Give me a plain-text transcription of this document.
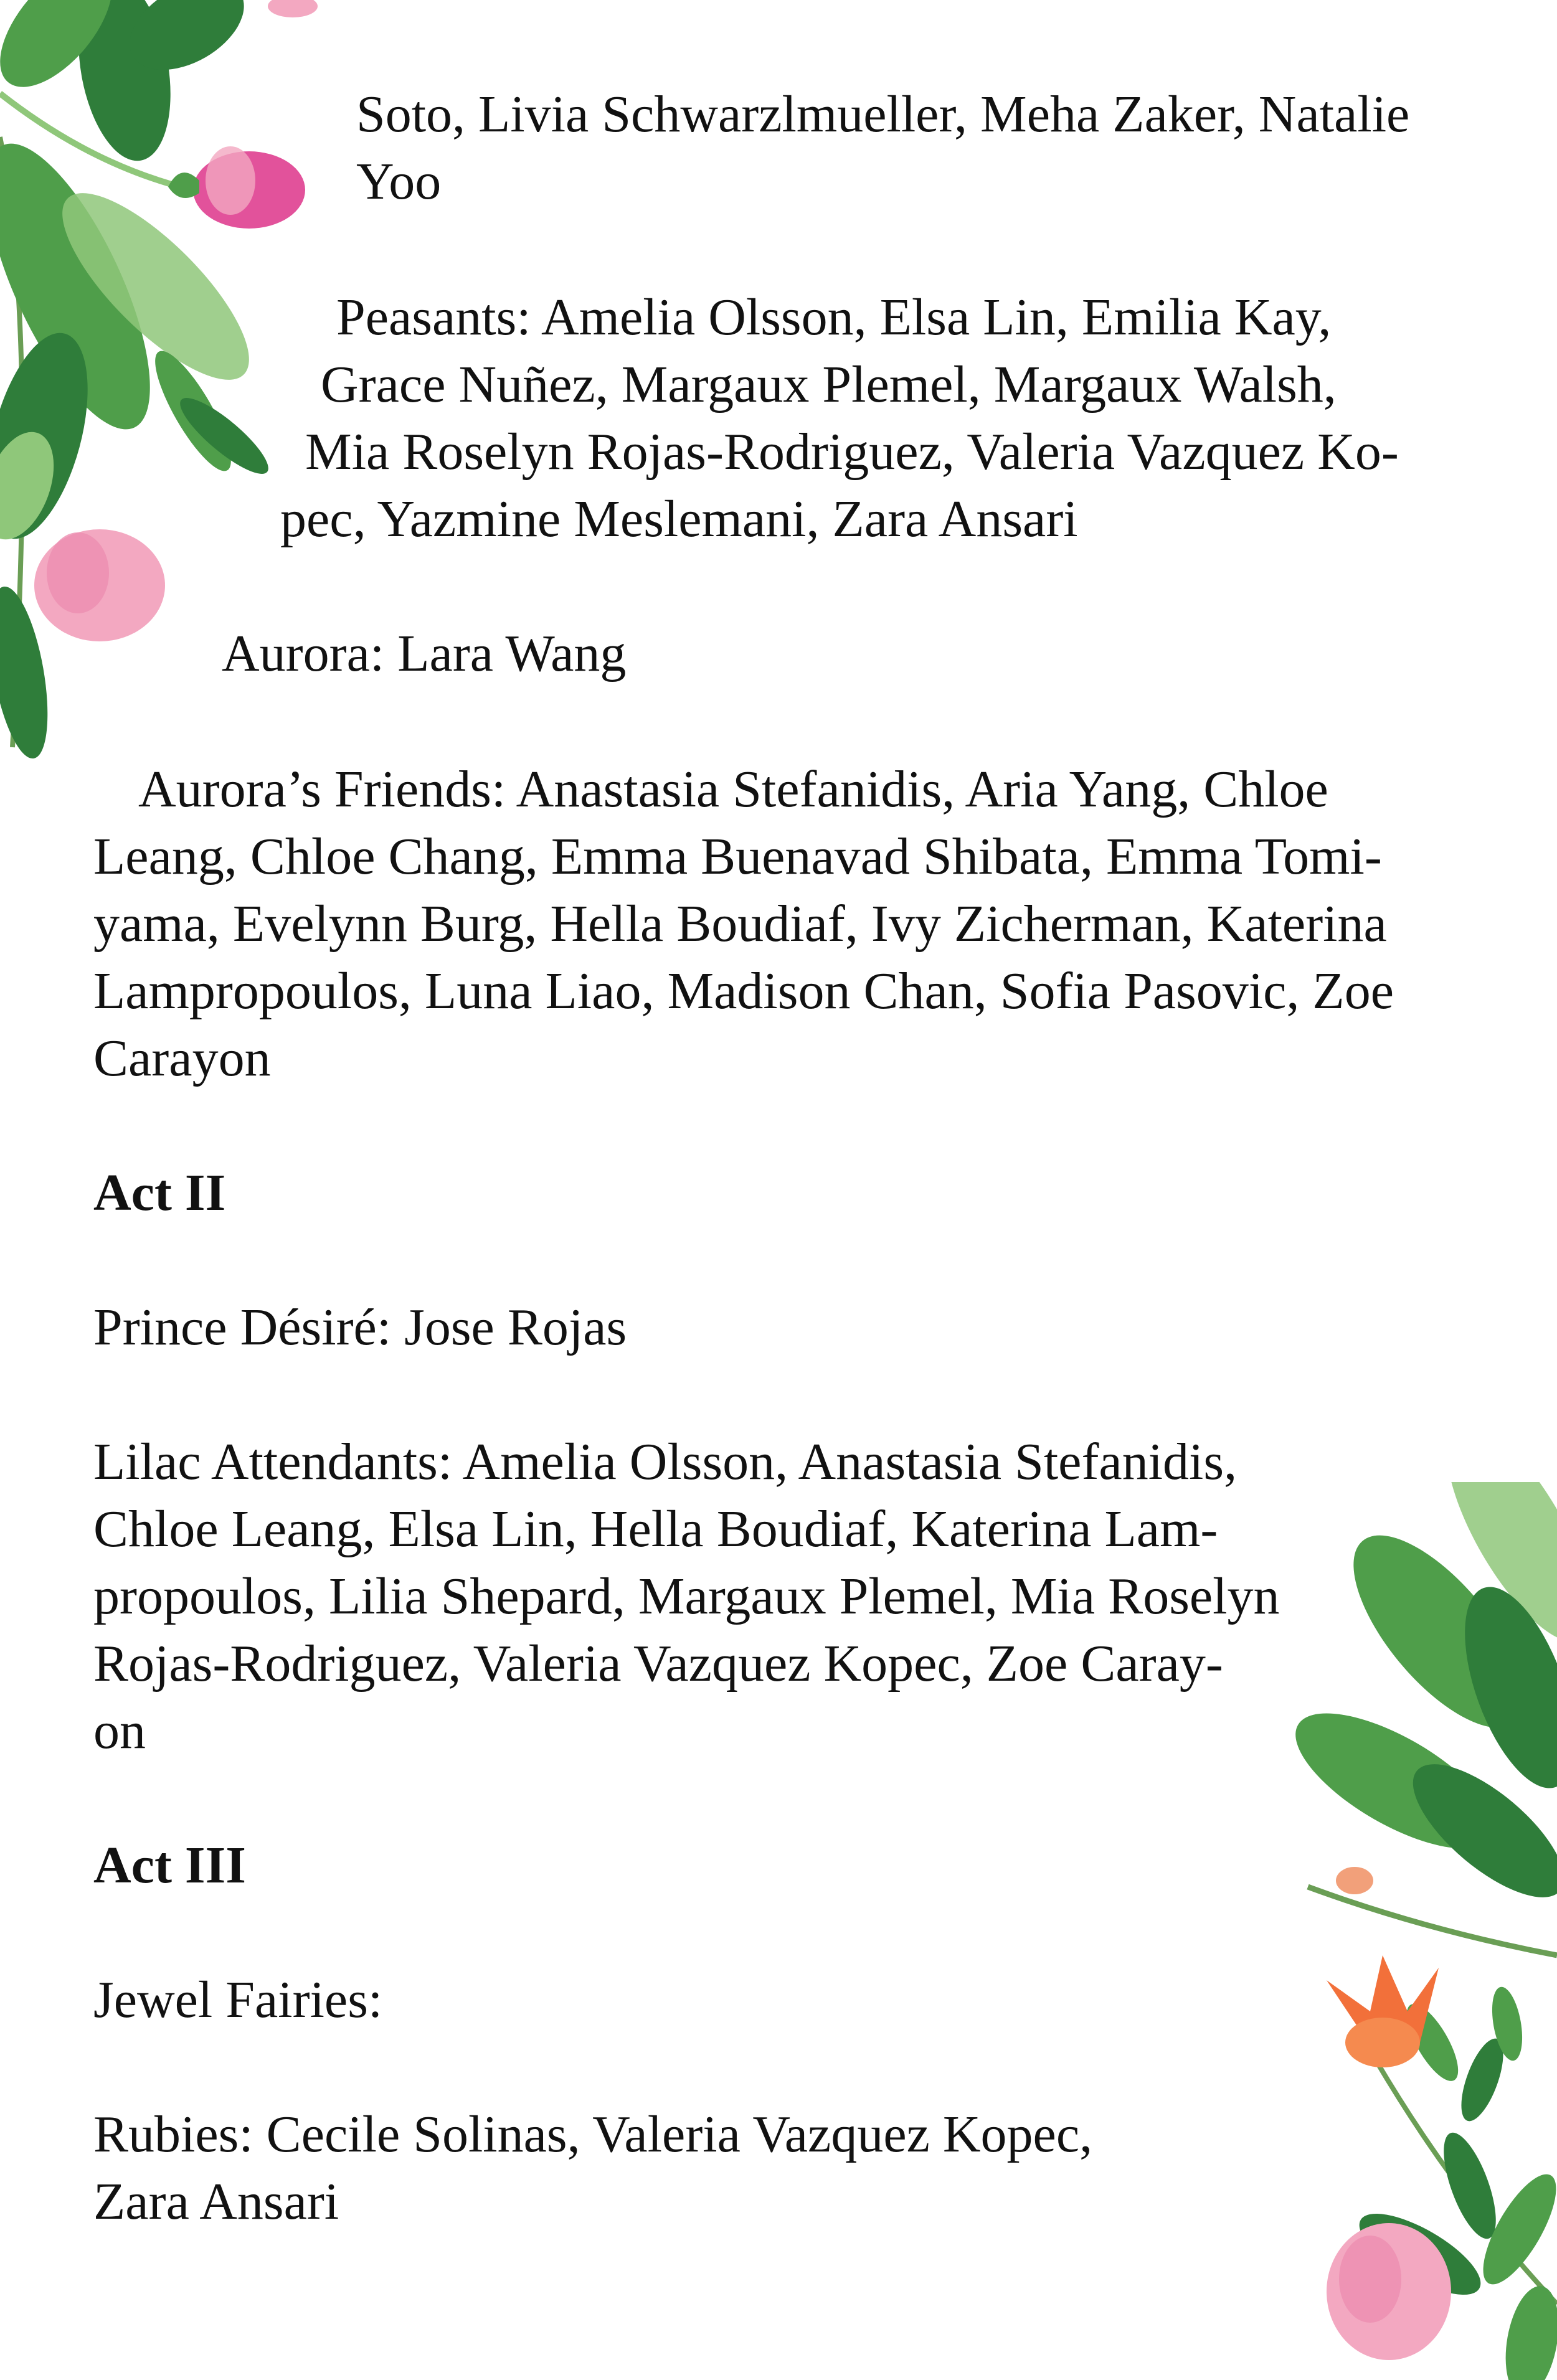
Soto, Livia Schwarzlmueller, Meha Zaker, Natalie

Yoo

Peasants: Amelia Olsson, Elsa Lin, Emilia Kay,

Grace Nuñez, Margaux Plemel, Margaux Walsh,

Mia Roselyn Rojas-Rodriguez, Valeria Vazquez Ko-

pec, Yazmine Meslemani, Zara Ansari

Aurora: Lara Wang

Aurora’s Friends: Anastasia Stefanidis, Aria Yang, Chloe

Leang, Chloe Chang, Emma Buenavad Shibata, Emma Tomi-

yama, Evelynn Burg, Hella Boudiaf, Ivy Zicherman, Katerina

Lampropoulos, Luna Liao, Madison Chan, Sofia Pasovic, Zoe

Carayon

Act II

Prince Désiré: Jose Rojas

Lilac Attendants: Amelia Olsson, Anastasia Stefanidis,

Chloe Leang, Elsa Lin, Hella Boudiaf, Katerina Lam-

propoulos, Lilia Shepard, Margaux Plemel, Mia Roselyn

Rojas-Rodriguez, Valeria Vazquez Kopec, Zoe Caray-

on

Act III

Jewel Fairies:

Rubies: Cecile Solinas, Valeria Vazquez Kopec,

Zara Ansari
